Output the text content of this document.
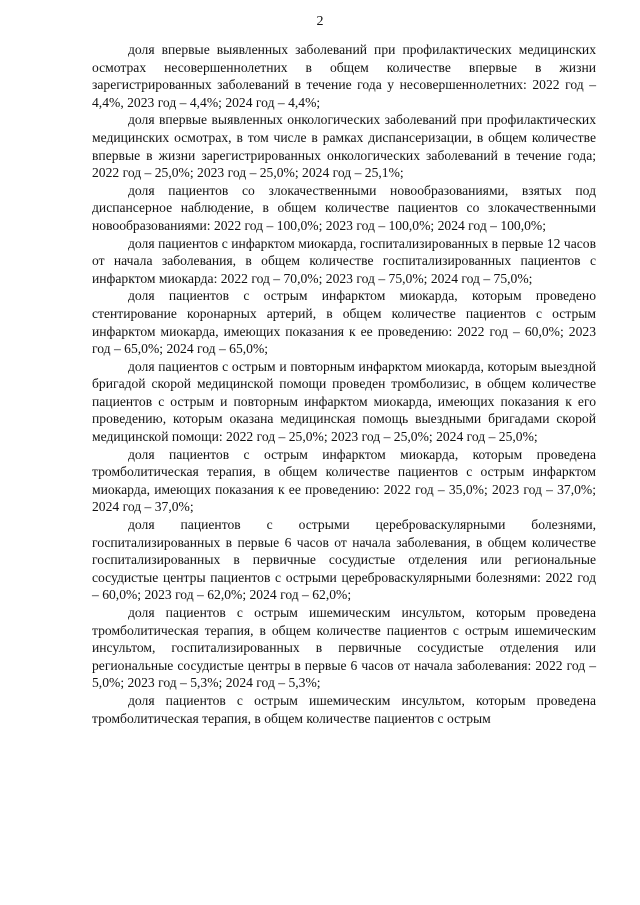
2

доля впервые выявленных заболеваний при профилактических медицинских осмотрах несовершеннолетних в общем количестве впервые в жизни зарегистрированных заболеваний в течение года у несовершеннолетних: 2022 год – 4,4%, 2023 год – 4,4%; 2024 год – 4,4%;

доля впервые выявленных онкологических заболеваний при профилактических медицинских осмотрах, в том числе в рамках диспансеризации, в общем количестве впервые в жизни зарегистрированных онкологических заболеваний в течение года; 2022 год – 25,0%; 2023 год – 25,0%; 2024 год – 25,1%;

доля пациентов со злокачественными новообразованиями, взятых под диспансерное наблюдение, в общем количестве пациентов со злокачественными новообразованиями: 2022 год – 100,0%; 2023 год – 100,0%; 2024 год – 100,0%;

доля пациентов с инфарктом миокарда, госпитализированных в первые 12 часов от начала заболевания, в общем количестве госпитализированных пациентов с инфарктом миокарда: 2022 год – 70,0%; 2023 год – 75,0%; 2024 год – 75,0%;

доля пациентов с острым инфарктом миокарда, которым проведено стентирование коронарных артерий, в общем количестве пациентов с острым инфарктом миокарда, имеющих показания к ее проведению: 2022 год – 60,0%; 2023 год – 65,0%; 2024 год – 65,0%;

доля пациентов с острым и повторным инфарктом миокарда, которым выездной бригадой скорой медицинской помощи проведен тромболизис, в общем количестве пациентов с острым и повторным инфарктом миокарда, имеющих показания к его проведению, которым оказана медицинская помощь выездными бригадами скорой медицинской помощи: 2022 год – 25,0%; 2023 год – 25,0%; 2024 год – 25,0%;

доля пациентов с острым инфарктом миокарда, которым проведена тромболитическая терапия, в общем количестве пациентов с острым инфарктом миокарда, имеющих показания к ее проведению: 2022 год – 35,0%; 2023 год – 37,0%; 2024 год – 37,0%;

доля пациентов с острыми цереброваскулярными болезнями, госпитализированных в первые 6 часов от начала заболевания, в общем количестве госпитализированных в первичные сосудистые отделения или региональные сосудистые центры пациентов с острыми цереброваскулярными болезнями: 2022 год – 60,0%; 2023 год – 62,0%; 2024 год – 62,0%;

доля пациентов с острым ишемическим инсультом, которым проведена тромболитическая терапия, в общем количестве пациентов с острым ишемическим инсультом, госпитализированных в первичные сосудистые отделения или региональные сосудистые центры в первые 6 часов от начала заболевания: 2022 год – 5,0%; 2023 год – 5,3%; 2024 год – 5,3%;

доля пациентов с острым ишемическим инсультом, которым проведена тромболитическая терапия, в общем количестве пациентов с острым
